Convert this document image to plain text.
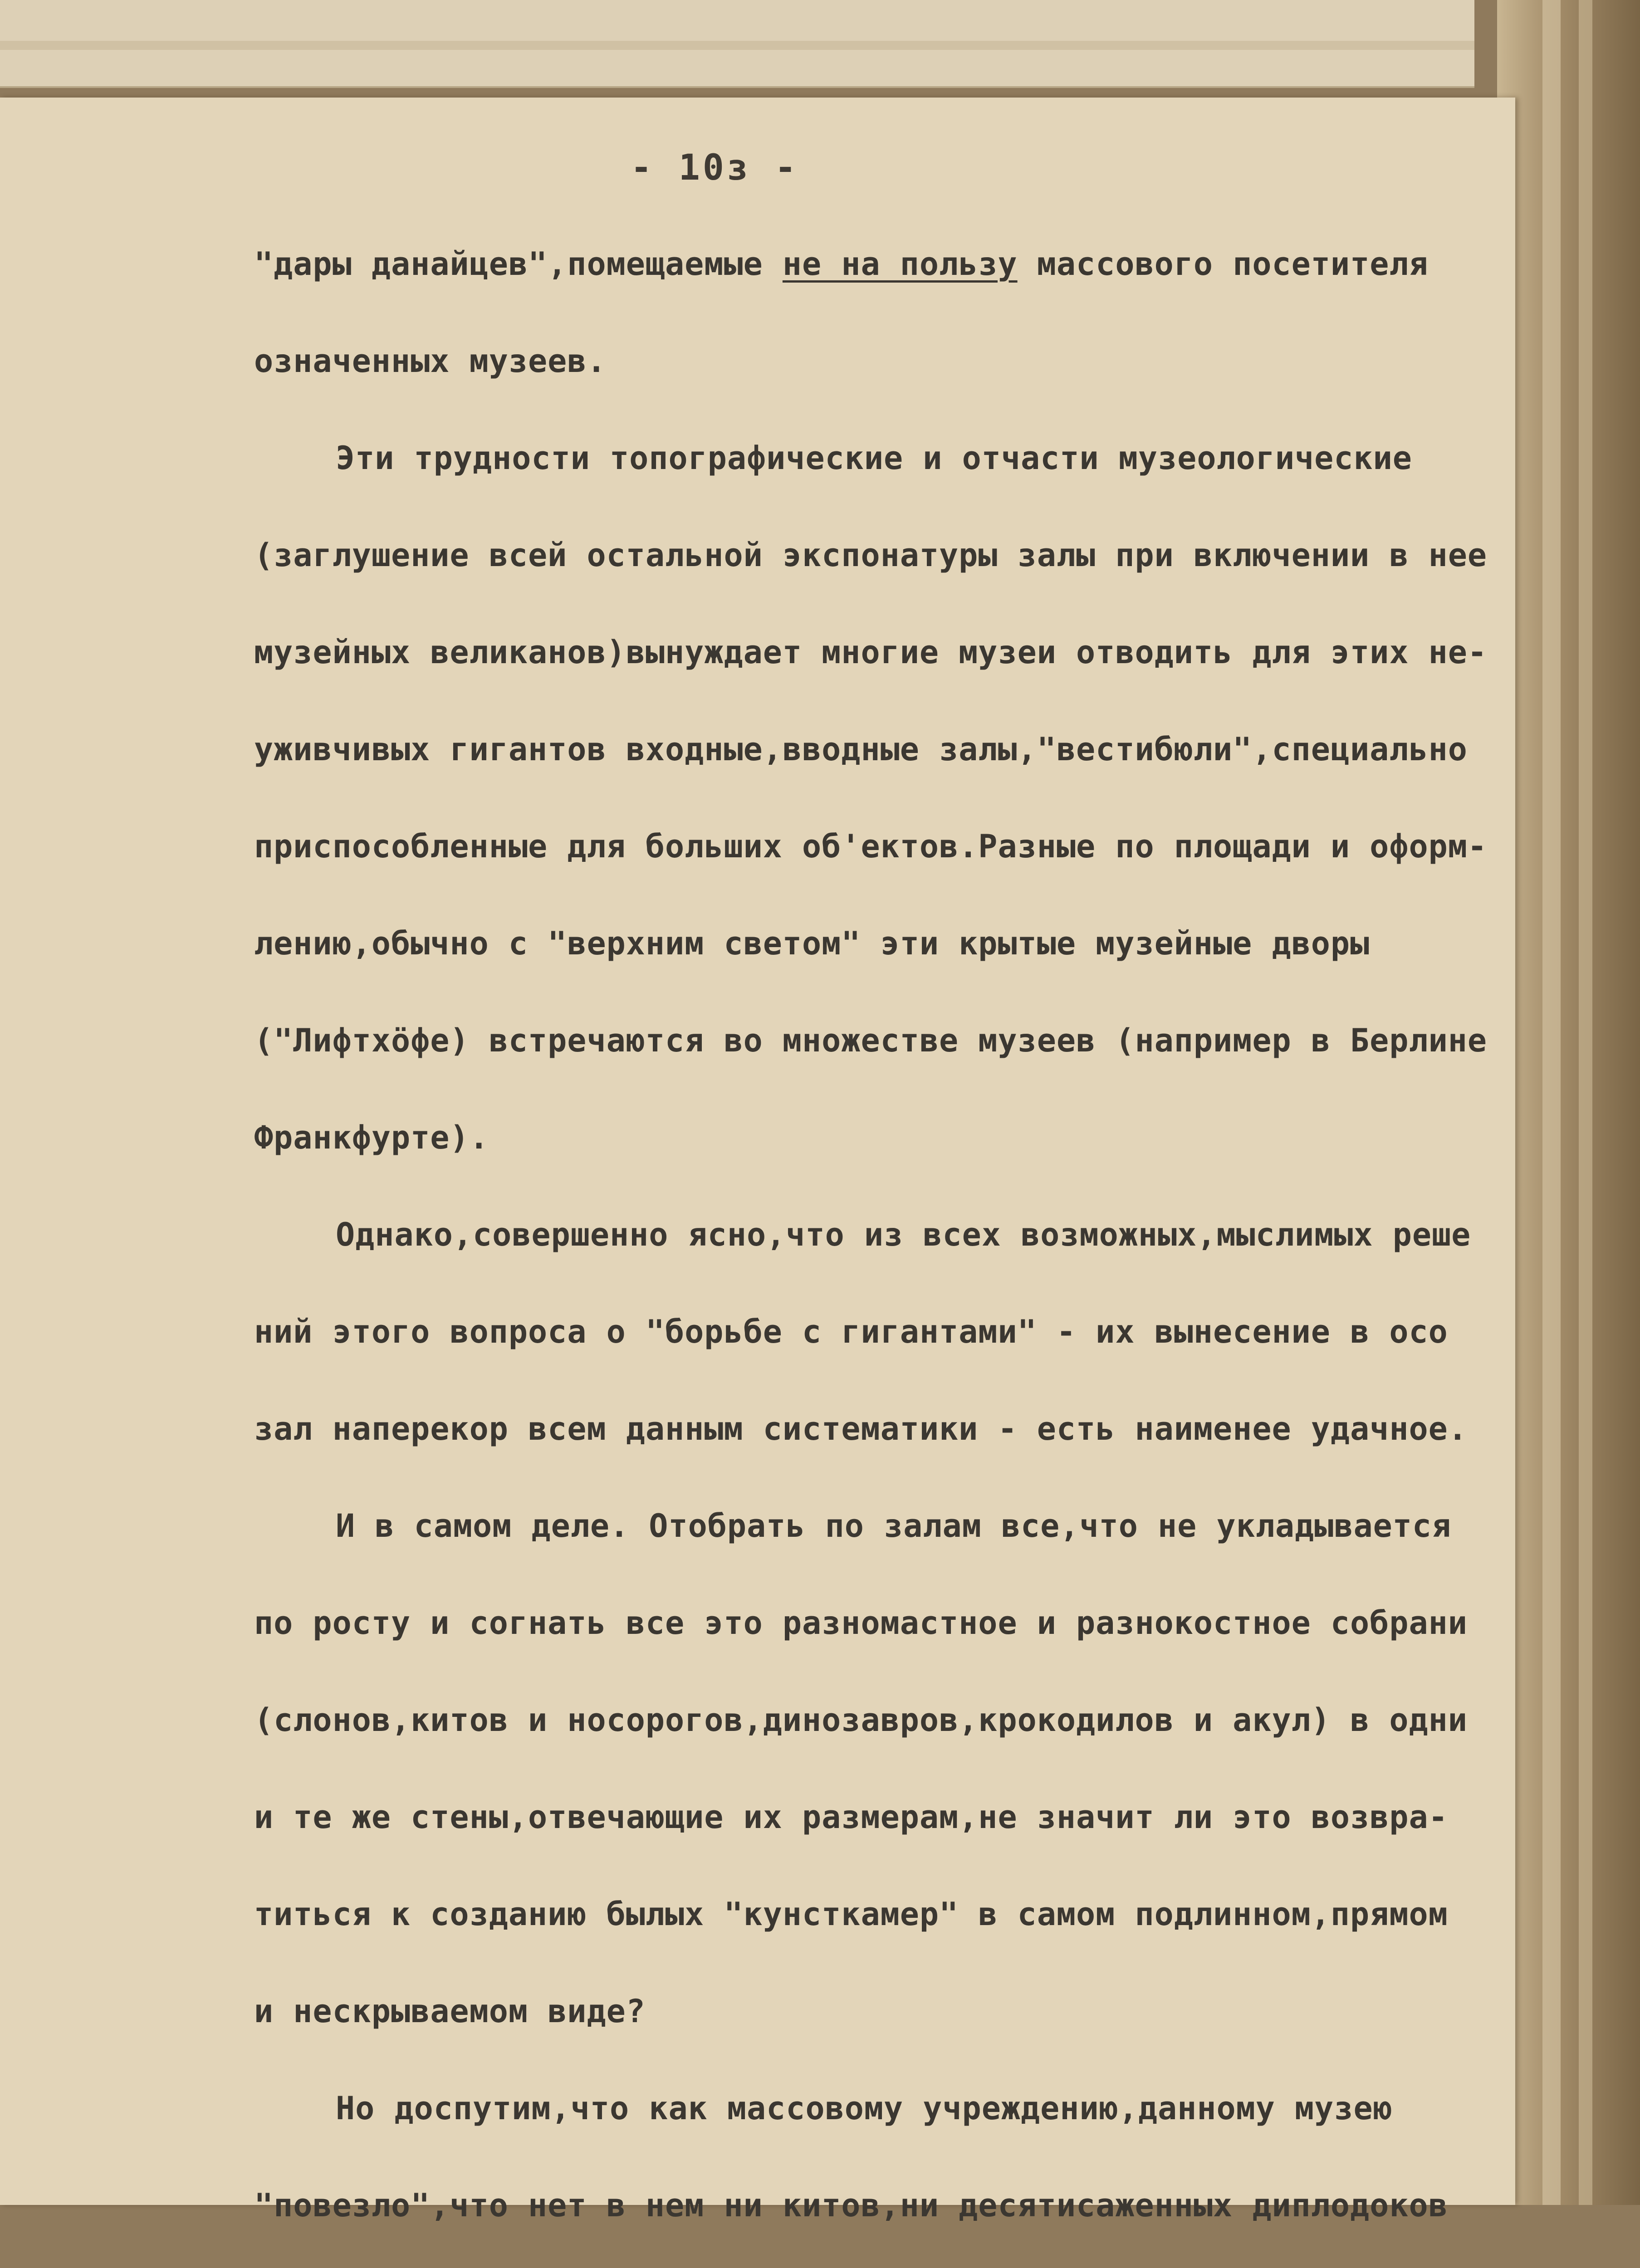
- 10з -
"дары данайцев",помещаемые не на пользу массового посетителя
означенных музеев.
Эти трудности топографические и отчасти музеологические
(заглушение всей остальной экспонатуры залы при включении в нее
музейных великанов)вынуждает многие музеи отводить для этих не-
уживчивых гигантов входные,вводные залы,"вестибюли",специально
приспособленные для больших об'ектов.Разные по площади и оформ-
лению,обычно с "верхним светом" эти крытые музейные дворы
("Лифтхöфе) встречаются во множестве музеев (например в Берлине
Франкфурте).
Однако,совершенно ясно,что из всех возможных,мыслимых реше
ний этого вопроса о "борьбе с гигантами" - их вынесение в осо
зал наперекор всем данным систематики - есть наименее удачное.
И в самом деле. Отобрать по залам все,что не укладывается
по росту и согнать все это разномастное и разнокостное собрани
(слонов,китов и носорогов,динозавров,крокодилов и акул) в одни
и те же стены,отвечающие их размерам,не значит ли это возвра-
титься к созданию былых "кунсткамер" в самом подлинном,прямом
и нескрываемом виде?
Но доспутим,что как массовому учреждению,данному музею
"повезло",что нет в нем ни китов,ни десятисаженных диплодоков
